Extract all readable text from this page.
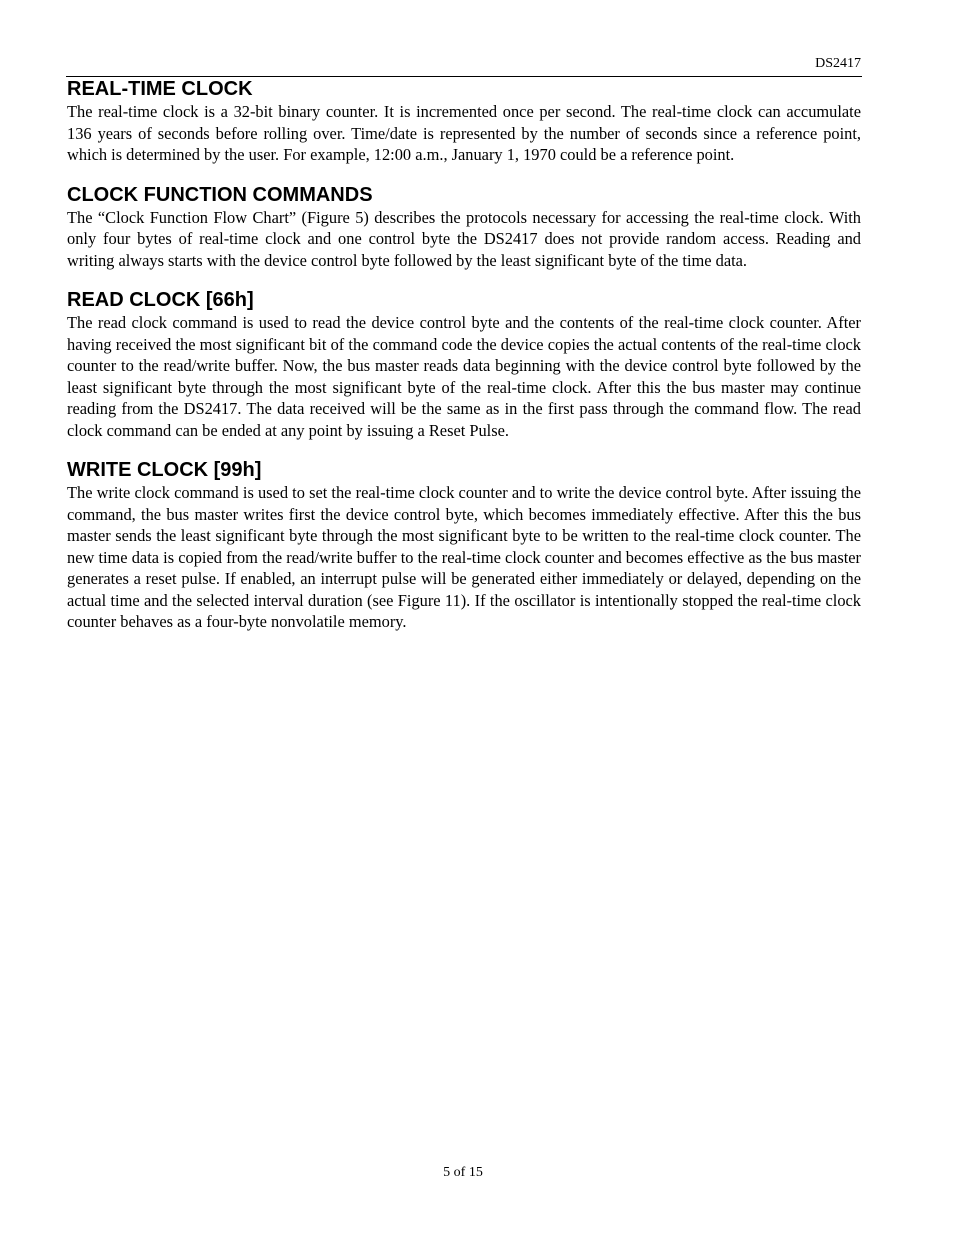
DS2417
REAL-TIME CLOCK

The real-time clock is a 32-bit binary counter. It is incremented once per second. The real-time clock can accumulate 136 years of seconds before rolling over. Time/date is represented by the number of seconds since a reference point, which is determined by the user. For example, 12:00 a.m., January 1, 1970 could be a reference point.

CLOCK FUNCTION COMMANDS

The “Clock Function Flow Chart” (Figure 5) describes the protocols necessary for accessing the real-time clock. With only four bytes of real-time clock and one control byte the DS2417 does not provide random access. Reading and writing always starts with the device control byte followed by the least significant byte of the time data.

READ CLOCK [66h]

The read clock command is used to read the device control byte and the contents of the real-time clock counter. After having received the most significant bit of the command code the device copies the actual contents of the real-time clock counter to the read/write buffer. Now, the bus master reads data beginning with the device control byte followed by the least significant byte through the most significant byte of the real-time clock. After this the bus master may continue reading from the DS2417. The data received will be the same as in the first pass through the command flow. The read clock command can be ended at any point by issuing a Reset Pulse.

WRITE CLOCK [99h]

The write clock command is used to set the real-time clock counter and to write the device control byte. After issuing the command, the bus master writes first the device control byte, which becomes immediately effective. After this the bus master sends the least significant byte through the most significant byte to be written to the real-time clock counter. The new time data is copied from the read/write buffer to the real-time clock counter and becomes effective as the bus master generates a reset pulse. If enabled, an interrupt pulse will be generated either immediately or delayed, depending on the actual time and the selected interval duration (see Figure 11). If the oscillator is intentionally stopped the real-time clock counter behaves as a four-byte nonvolatile memory.

5 of 15
